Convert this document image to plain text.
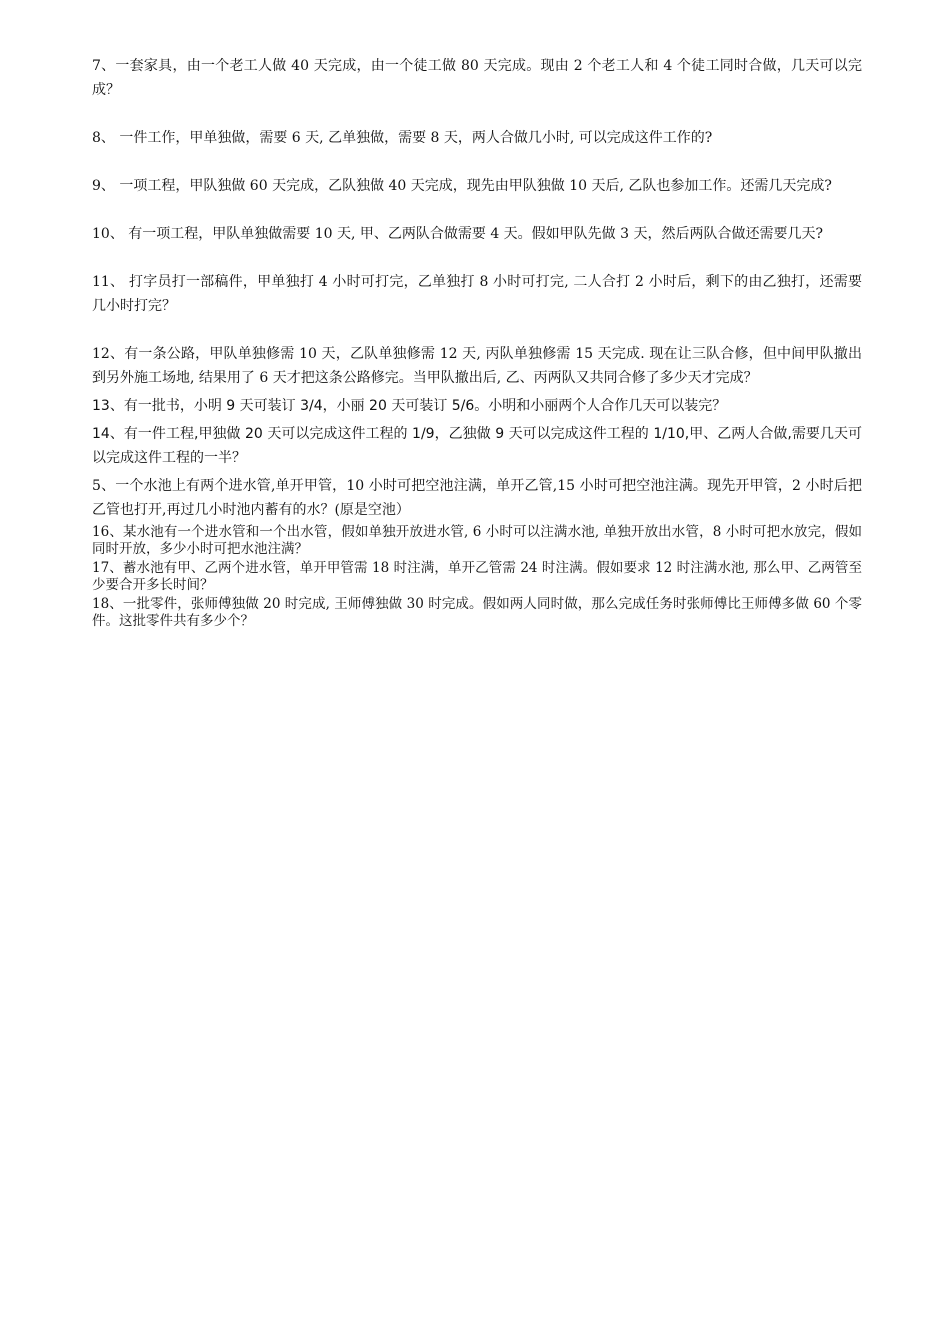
7、一套家具，由一个老工人做 40 天完成，由一个徒工做 80 天完成。现由 2 个老工人和 4 个徒工同时合做，几天可以完成？

8、 一件工作，甲单独做，需要 6 天, 乙单独做，需要 8 天，两人合做几小时, 可以完成这件工作的?

9、 一项工程，甲队独做 60 天完成，乙队独做 40 天完成，现先由甲队独做 10 天后, 乙队也参加工作。还需几天完成?

10、 有一项工程，甲队单独做需要 10 天, 甲、乙两队合做需要 4 天。假如甲队先做 3 天，然后两队合做还需要几天?

11、 打字员打一部稿件，甲单独打 4 小时可打完，乙单独打 8 小时可打完, 二人合打 2 小时后，剩下的由乙独打，还需要几小时打完？

12、有一条公路，甲队单独修需 10 天，乙队单独修需 12 天, 丙队单独修需 15 天完成. 现在让三队合修，但中间甲队撤出到另外施工场地, 结果用了 6 天才把这条公路修完。当甲队撤出后, 乙、丙两队又共同合修了多少天才完成？

13、有一批书，小明 9 天可装订 3/4，小丽 20 天可装订 5/6。小明和小丽两个人合作几天可以装完？

14、有一件工程,甲独做 20 天可以完成这件工程的 1/9，乙独做 9 天可以完成这件工程的 1/10,甲、乙两人合做,需要几天可以完成这件工程的一半？

5、一个水池上有两个进水管,单开甲管，10 小时可把空池注满，单开乙管,15 小时可把空池注满。现先开甲管，2 小时后把乙管也打开,再过几小时池内蓄有的水？(原是空池）

16、某水池有一个进水管和一个出水管，假如单独开放进水管, 6 小时可以注满水池, 单独开放出水管，8 小时可把水放完，假如同时开放，多少小时可把水池注满？

17、蓄水池有甲、乙两个进水管，单开甲管需 18 时注满，单开乙管需 24 时注满。假如要求 12 时注满水池, 那么甲、乙两管至少要合开多长时间？

18、一批零件，张师傅独做 20 时完成, 王师傅独做 30 时完成。假如两人同时做，那么完成任务时张师傅比王师傅多做 60 个零件。这批零件共有多少个？
